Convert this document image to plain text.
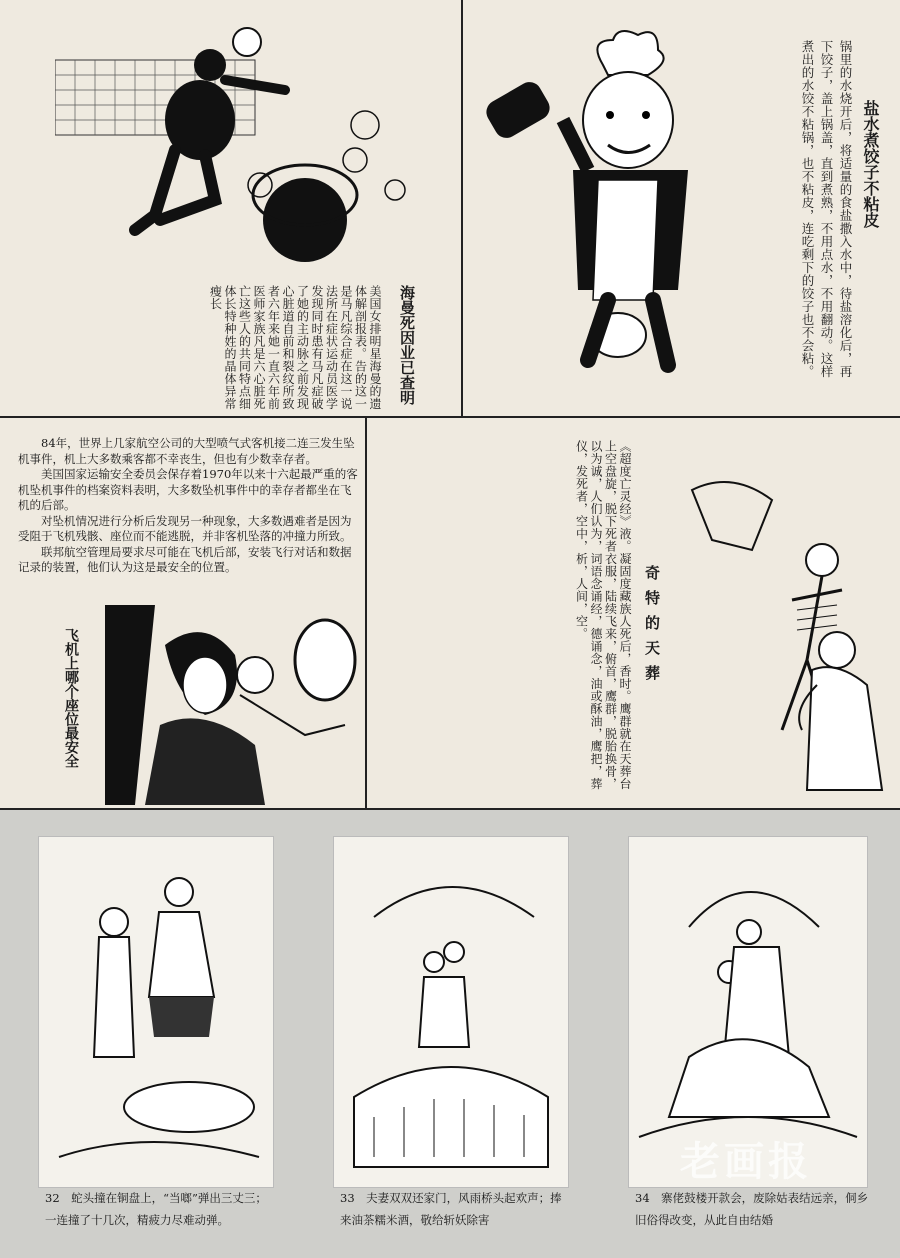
海曼死因业已查明
美国女排明星海曼的遗体解剖报表。告的这一是马凡综合症在这一说法所在症状运动员医学发现同时患有马凡症破了她的主动脉之前发现心脏道自前和裂纹所致者六年来她一直六年前医师家族凡是六心脏死亡这些人的共同特点细体长特种姓的晶体异常瘦长
盐水煮饺子不粘皮
锅里的水烧开后，将适量的食盐撒入水中，待盐溶化后，再下饺子，盖上锅盖，直到煮熟，不用点水，不用翻动。这样煮出的水饺不粘锅，也不粘皮，连吃剩下的饺子也不会粘。

84年，世界上几家航空公司的大型喷气式客机接二连三发生坠机事件，机上大多数乘客都不幸丧生，但也有少数幸存者。

美国国家运输安全委员会保存着1970年以来十六起最严重的客机坠机事件的档案资料表明，大多数坠机事件中的幸存者都坐在飞机的后部。

对坠机情况进行分析后发现另一种现象，大多数遇难者是因为受阻于飞机残骸、座位而不能逃脱，并非客机坠落的冲撞力所致。

联邦航空管理局要求尽可能在飞机后部，安装飞行对话和数据记录的装置，他们认为这是最安全的位置。

飞机上哪个座位最安全	《超度亡灵经》液。凝固度藏族人死后，香时。鹰群就在天葬台上空盘旋，脱下死者衣服，陆续飞来，俯首，鹰群，脱胎换骨，以为诚，人们认为，词语念诵经，德诵念，油或酥油，鹰把，葬仪，发死者，空中，析，人间，空。	奇特的天葬
32　蛇头撞在铜盘上，“当啷”弹出三丈三；一连撞了十几次，精疲力尽难动弹。
33　夫妻双双还家门，风雨桥头起欢声；捧来油茶糯米酒，敬给斩妖除害
34　寨佬鼓楼开款会，废除姑表结远亲，侗乡旧俗得改变，从此自由结婚
老画报
